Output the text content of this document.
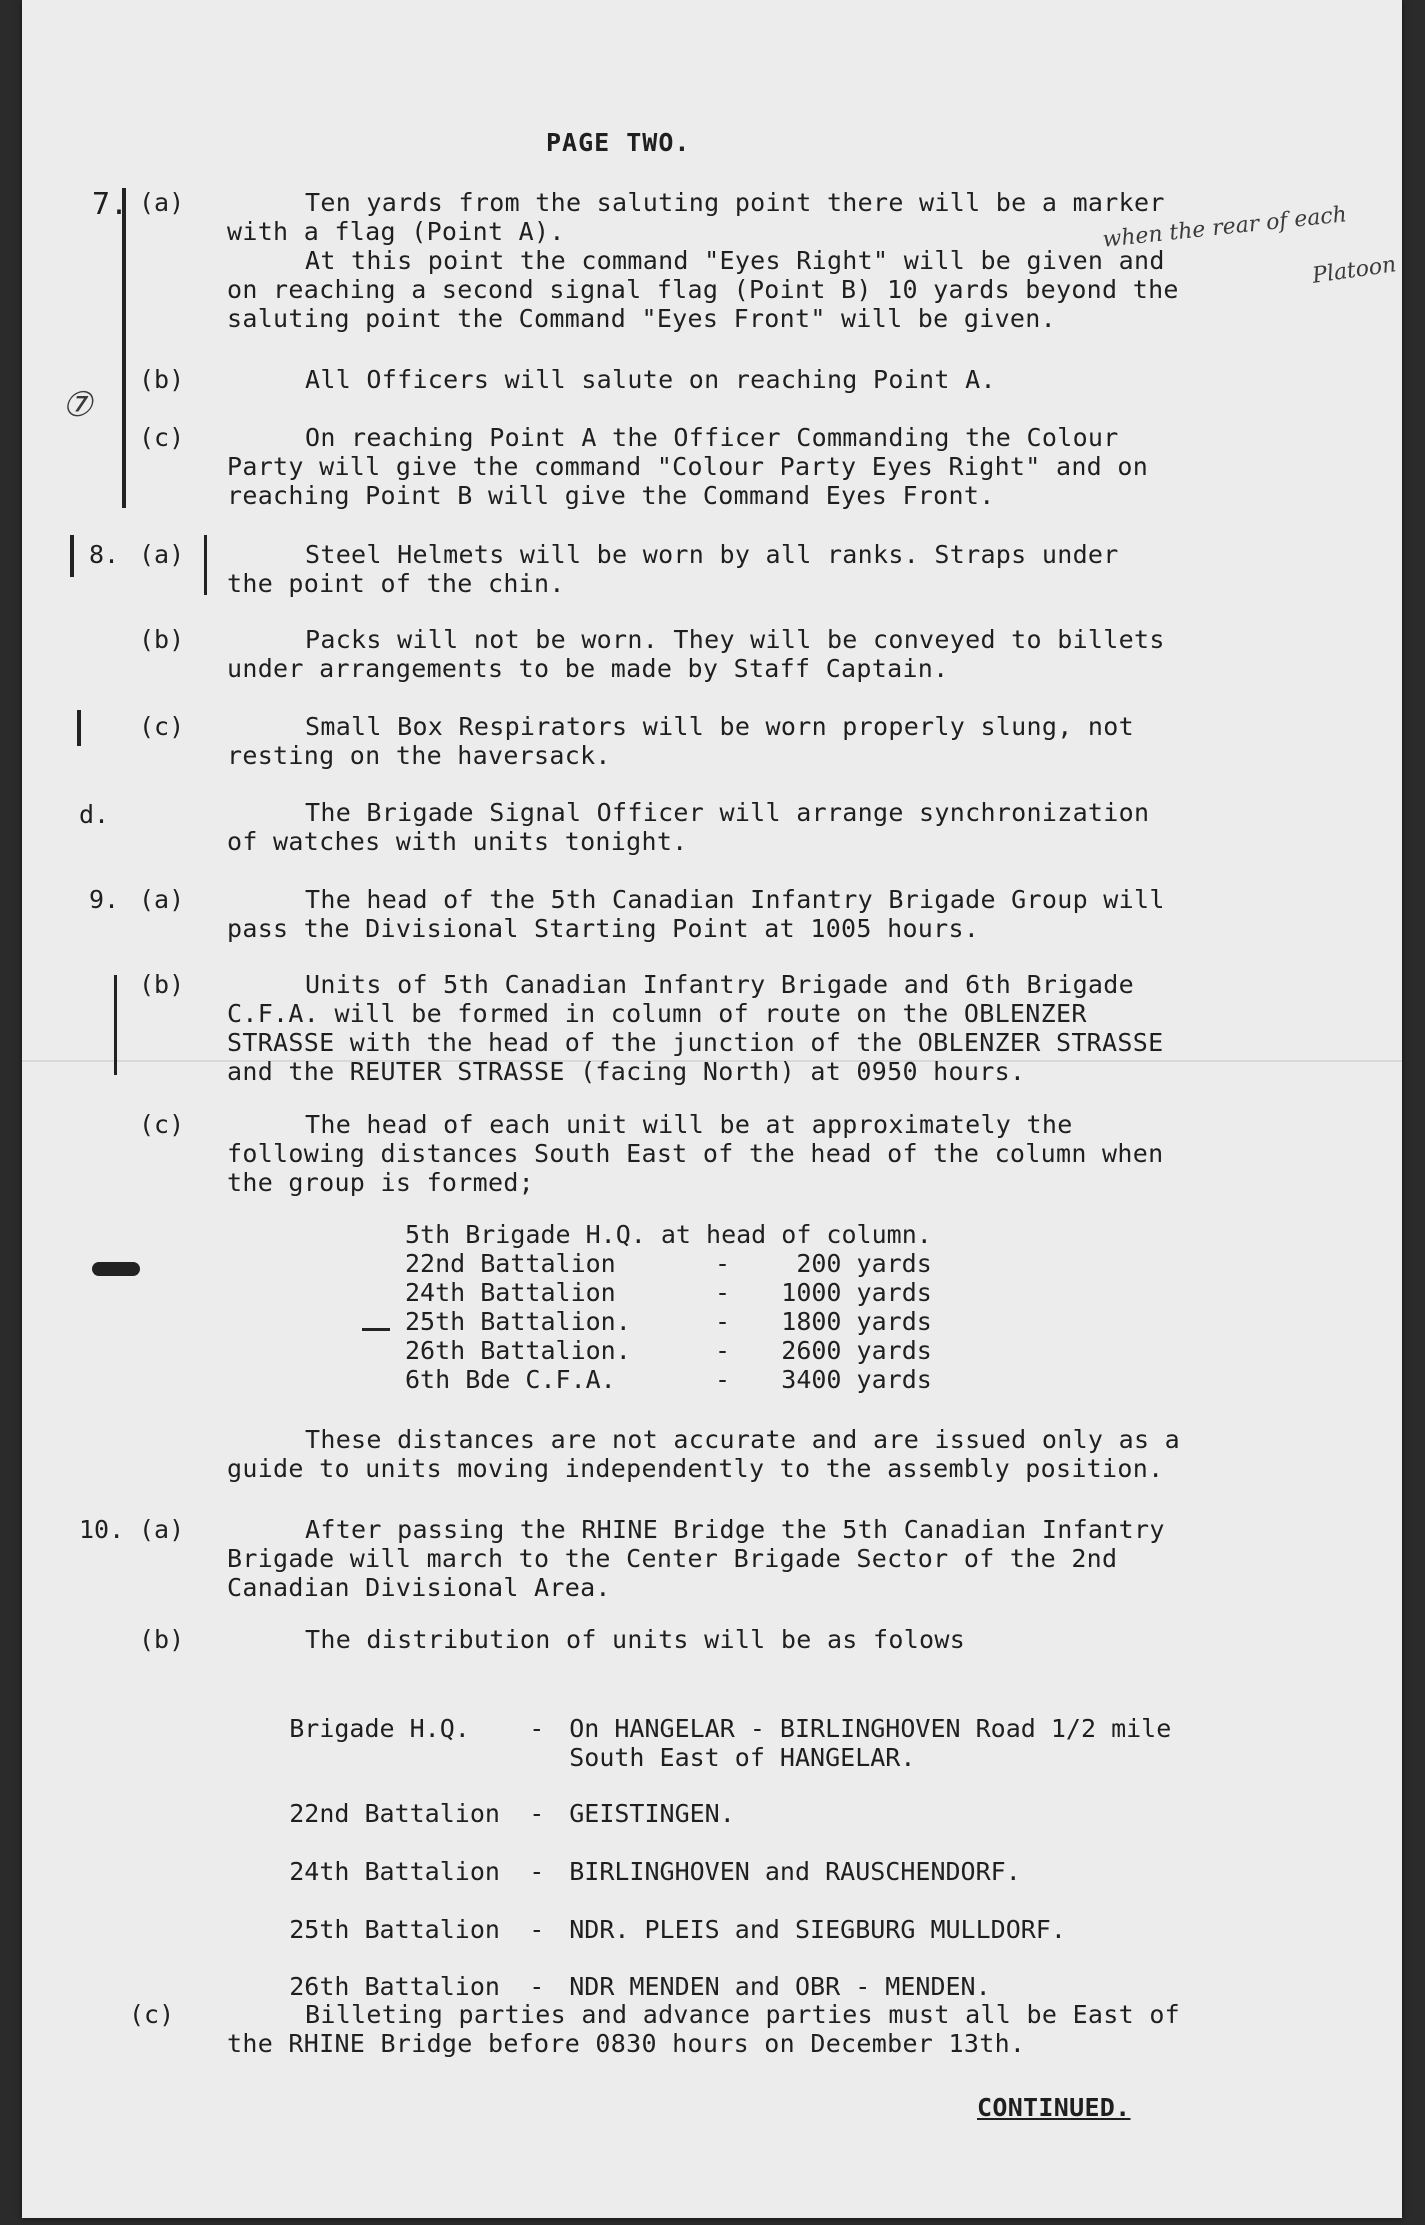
PAGE TWO.
7. (a)	Ten yards from the saluting point there will be a marker
with a flag (Point A).
At this point the command "Eyes Right" will be given and
on reaching a second signal flag (Point B) 10 yards beyond the
saluting point the Command "Eyes Front" will be given.
when the rear of each
Platoon
⑦
(b)	All Officers will salute on reaching Point A.
(c)	On reaching Point A the Officer Commanding the Colour
Party will give the command "Colour Party Eyes Right" and on
reaching Point B will give the Command Eyes Front.
8. (a)	Steel Helmets will be worn by all ranks. Straps under
the point of the chin.
(b)	Packs will not be worn. They will be conveyed to billets
under arrangements to be made by Staff Captain.
(c)	Small Box Respirators will be worn properly slung, not
resting on the haversack.
d.	The Brigade Signal Officer will arrange synchronization
of watches with units tonight.
9. (a)	The head of the 5th Canadian Infantry Brigade Group will
pass the Divisional Starting Point at 1005 hours.
(b)	Units of 5th Canadian Infantry Brigade and 6th Brigade
C.F.A. will be formed in column of route on the OBLENZER
STRASSE with the head of the junction of the OBLENZER STRASSE
and the REUTER STRASSE (facing North) at 0950 hours.
(c)	The head of each unit will be at approximately the
following distances South East of the head of the column when
the group is formed;
5th Brigade H.Q. at head of column.		
22nd Battalion	-	200 yards
24th Battalion	-	1000 yards
25th Battalion.	-	1800 yards
26th Battalion.	-	2600 yards
6th Bde C.F.A.	-	3400 yards
These distances are not accurate and are issued only as a
guide to units moving independently to the assembly position.
10. (a)	After passing the RHINE Bridge the 5th Canadian Infantry
Brigade will march to the Center Brigade Sector of the 2nd
Canadian Divisional Area.
(b)	The distribution of units will be as folows

Brigade H.Q. - On HANGELAR - BIRLINGHOVEN Road 1/2 mile

South East of HANGELAR.

22nd Battalion - GEISTINGEN.

24th Battalion - BIRLINGHOVEN and RAUSCHENDORF.

25th Battalion - NDR. PLEIS and SIEGBURG MULLDORF.

26th Battalion - NDR MENDEN and OBR - MENDEN.

(c)	Billeting parties and advance parties must all be East of
the RHINE Bridge before 0830 hours on December 13th.
CONTINUED.
